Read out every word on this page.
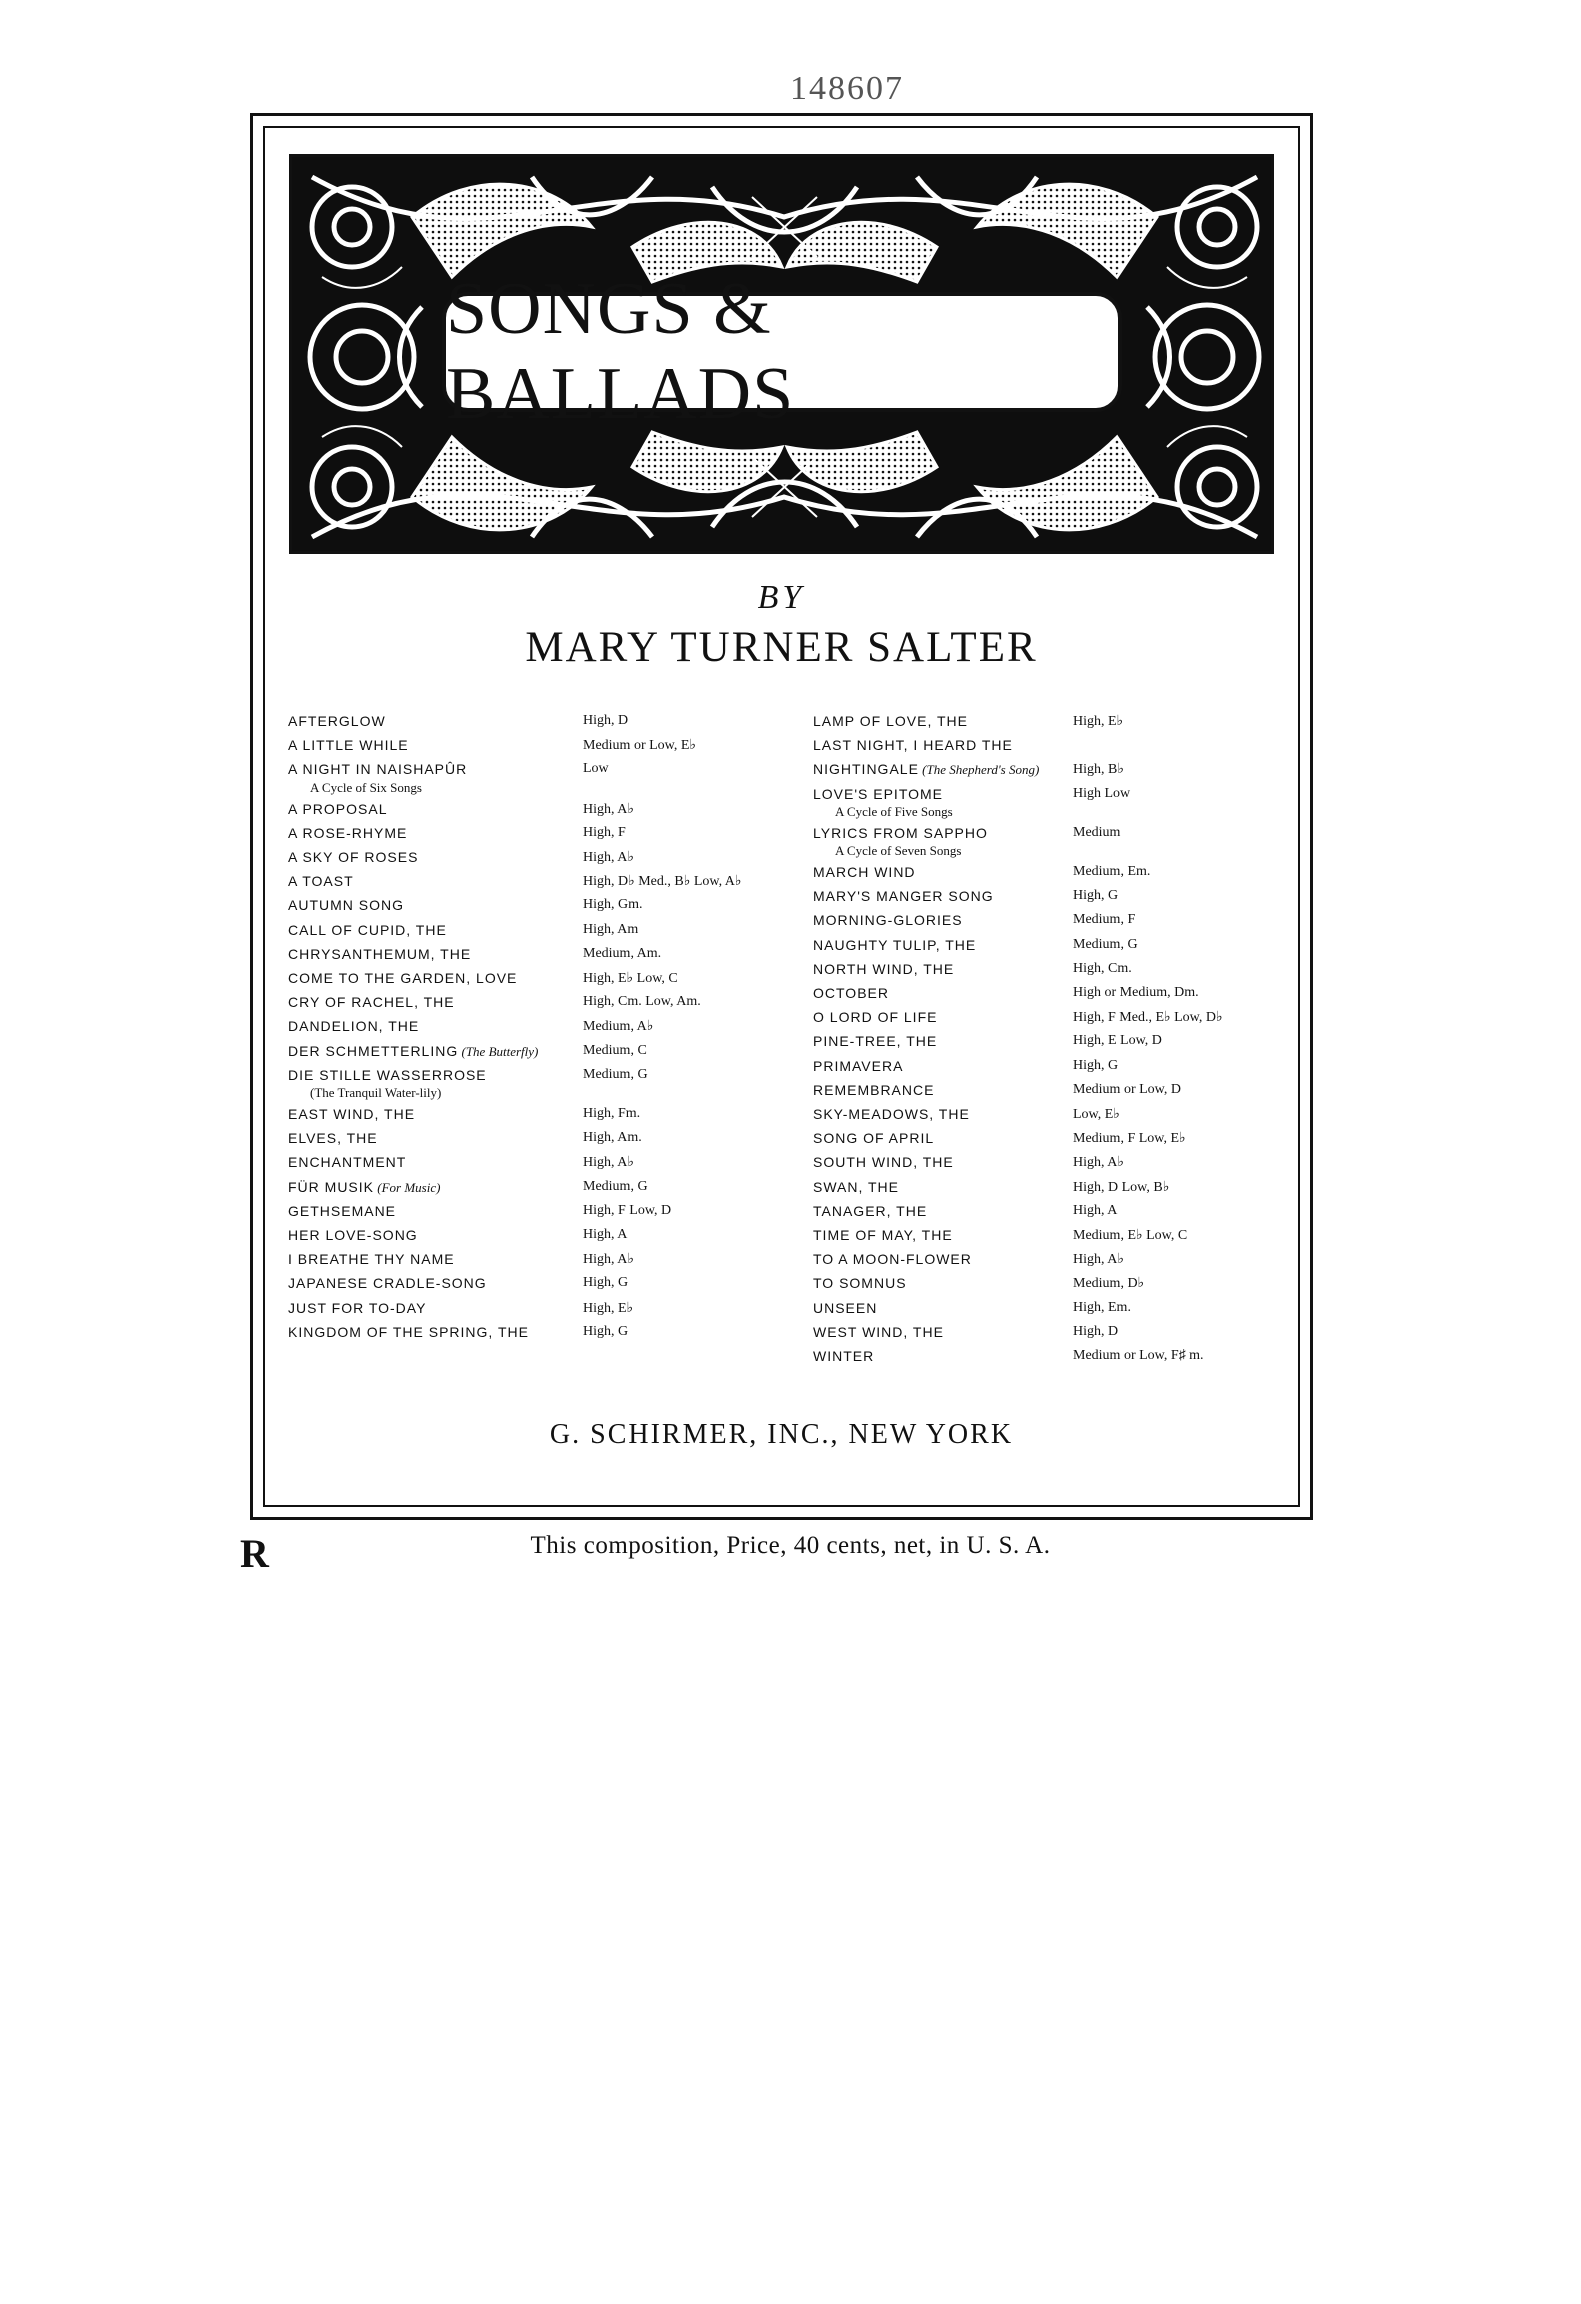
148607
SONGS & BALLADS
BY
MARY TURNER SALTER
AFTERGLOW	High, D
A LITTLE WHILE	Medium or Low, E♭
A NIGHT IN NAISHAPÛR	Low
A Cycle of Six Songs
A PROPOSAL	High, A♭
A ROSE-RHYME	High, F
A SKY OF ROSES	High, A♭
A TOAST	High, D♭ Med., B♭ Low, A♭
AUTUMN SONG	High, Gm.
CALL OF CUPID, THE	High, Am
CHRYSANTHEMUM, THE	Medium, Am.
COME TO THE GARDEN, LOVE	High, E♭ Low, C
CRY OF RACHEL, THE	High, Cm. Low, Am.
DANDELION, THE	Medium, A♭
DER SCHMETTERLING (The Butterfly)	Medium, C
DIE STILLE WASSERROSE	Medium, G
(The Tranquil Water-lily)
EAST WIND, THE	High, Fm.
ELVES, THE	High, Am.
ENCHANTMENT	High, A♭
FÜR MUSIK (For Music)	Medium, G
GETHSEMANE	High, F Low, D
HER LOVE-SONG	High, A
I BREATHE THY NAME	High, A♭
JAPANESE CRADLE-SONG	High, G
JUST FOR TO-DAY	High, E♭
KINGDOM OF THE SPRING, THE	High, G
LAMP OF LOVE, THE	High, E♭
LAST NIGHT, I HEARD THE
NIGHTINGALE (The Shepherd's Song) High, B♭
LOVE'S EPITOME	High Low
A Cycle of Five Songs
LYRICS FROM SAPPHO	Medium
A Cycle of Seven Songs
MARCH WIND	Medium, Em.
MARY'S MANGER SONG	High, G
MORNING-GLORIES	Medium, F
NAUGHTY TULIP, THE	Medium, G
NORTH WIND, THE	High, Cm.
OCTOBER	High or Medium, Dm.
O LORD OF LIFE	High, F Med., E♭ Low, D♭
PINE-TREE, THE	High, E Low, D
PRIMAVERA	High, G
REMEMBRANCE	Medium or Low, D
SKY-MEADOWS, THE	Low, E♭
SONG OF APRIL	Medium, F Low, E♭
SOUTH WIND, THE	High, A♭
SWAN, THE	High, D Low, B♭
TANAGER, THE	High, A
TIME OF MAY, THE	Medium, E♭ Low, C
TO A MOON-FLOWER	High, A♭
TO SOMNUS	Medium, D♭
UNSEEN	High, Em.
WEST WIND, THE	High, D
WINTER	Medium or Low, F♯ m.
G. SCHIRMER, INC., NEW YORK
R	This composition, Price, 40 cents, net, in U. S. A.
